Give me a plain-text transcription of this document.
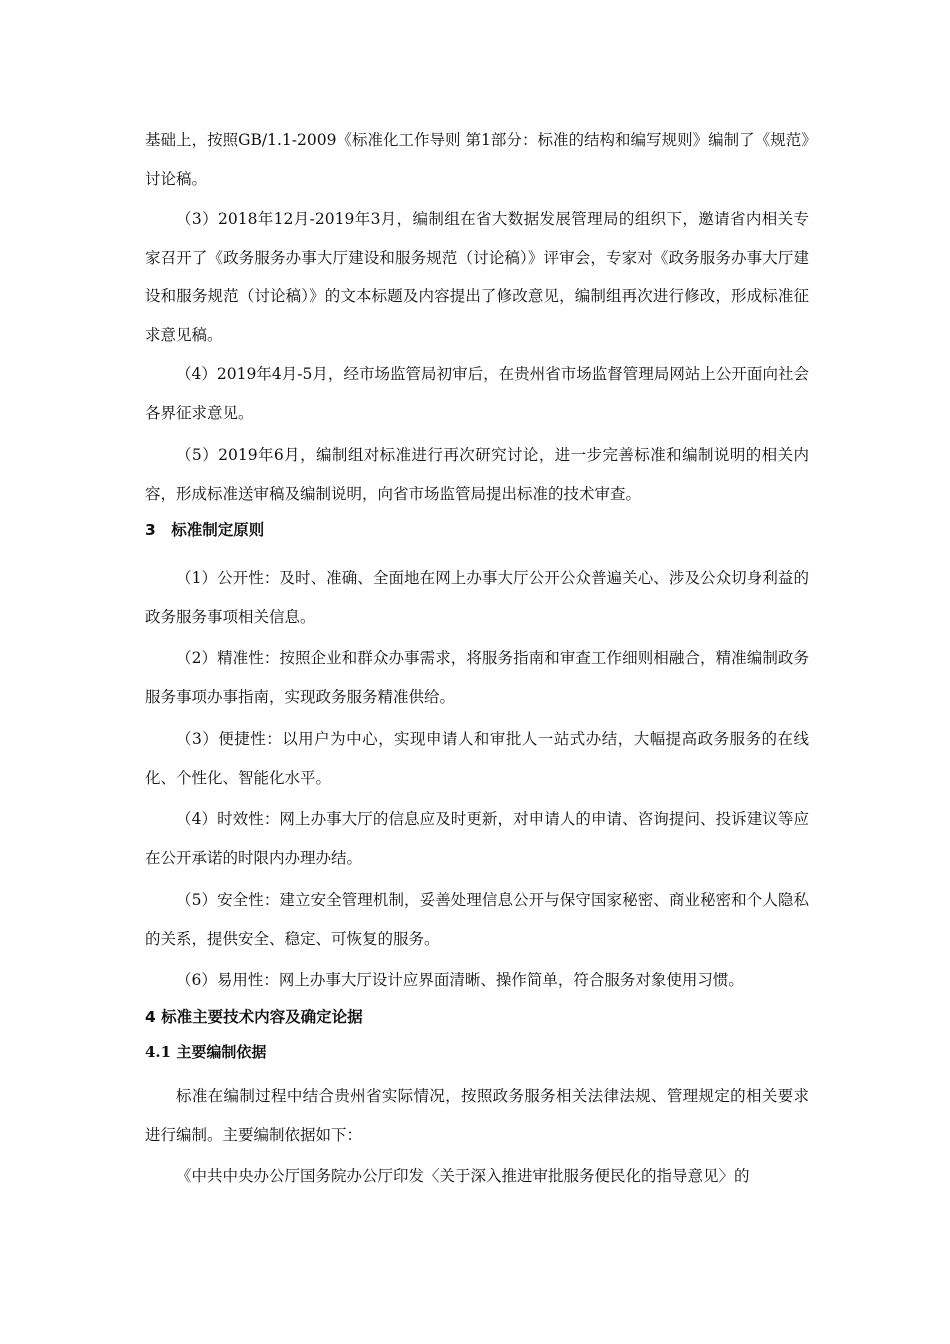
基础上，按照GB/1.1-2009《标准化工作导则 第1部分：标准的结构和编写规则》编制了《规范》讨论稿。

（3）2018年12月-2019年3月，编制组在省大数据发展管理局的组织下，邀请省内相关专家召开了《政务服务办事大厅建设和服务规范（讨论稿）》评审会，专家对《政务服务办事大厅建设和服务规范（讨论稿）》的文本标题及内容提出了修改意见，编制组再次进行修改，形成标准征求意见稿。

（4）2019年4月-5月，经市场监管局初审后，在贵州省市场监督管理局网站上公开面向社会各界征求意见。

（5）2019年6月，编制组对标准进行再次研究讨论，进一步完善标准和编制说明的相关内容，形成标准送审稿及编制说明，向省市场监管局提出标准的技术审查。

3　标准制定原则

（1）公开性：及时、准确、全面地在网上办事大厅公开公众普遍关心、涉及公众切身利益的政务服务事项相关信息。

（2）精准性：按照企业和群众办事需求，将服务指南和审查工作细则相融合，精准编制政务服务事项办事指南，实现政务服务精准供给。

（3）便捷性：以用户为中心，实现申请人和审批人一站式办结，大幅提高政务服务的在线化、个性化、智能化水平。

（4）时效性：网上办事大厅的信息应及时更新，对申请人的申请、咨询提问、投诉建议等应在公开承诺的时限内办理办结。

（5）安全性：建立安全管理机制，妥善处理信息公开与保守国家秘密、商业秘密和个人隐私的关系，提供安全、稳定、可恢复的服务。

（6）易用性：网上办事大厅设计应界面清晰、操作简单，符合服务对象使用习惯。

4 标准主要技术内容及确定论据
4.1 主要编制依据

标准在编制过程中结合贵州省实际情况，按照政务服务相关法律法规、管理规定的相关要求进行编制。主要编制依据如下：

《中共中央办公厅国务院办公厅印发〈关于深入推进审批服务便民化的指导意见〉的
